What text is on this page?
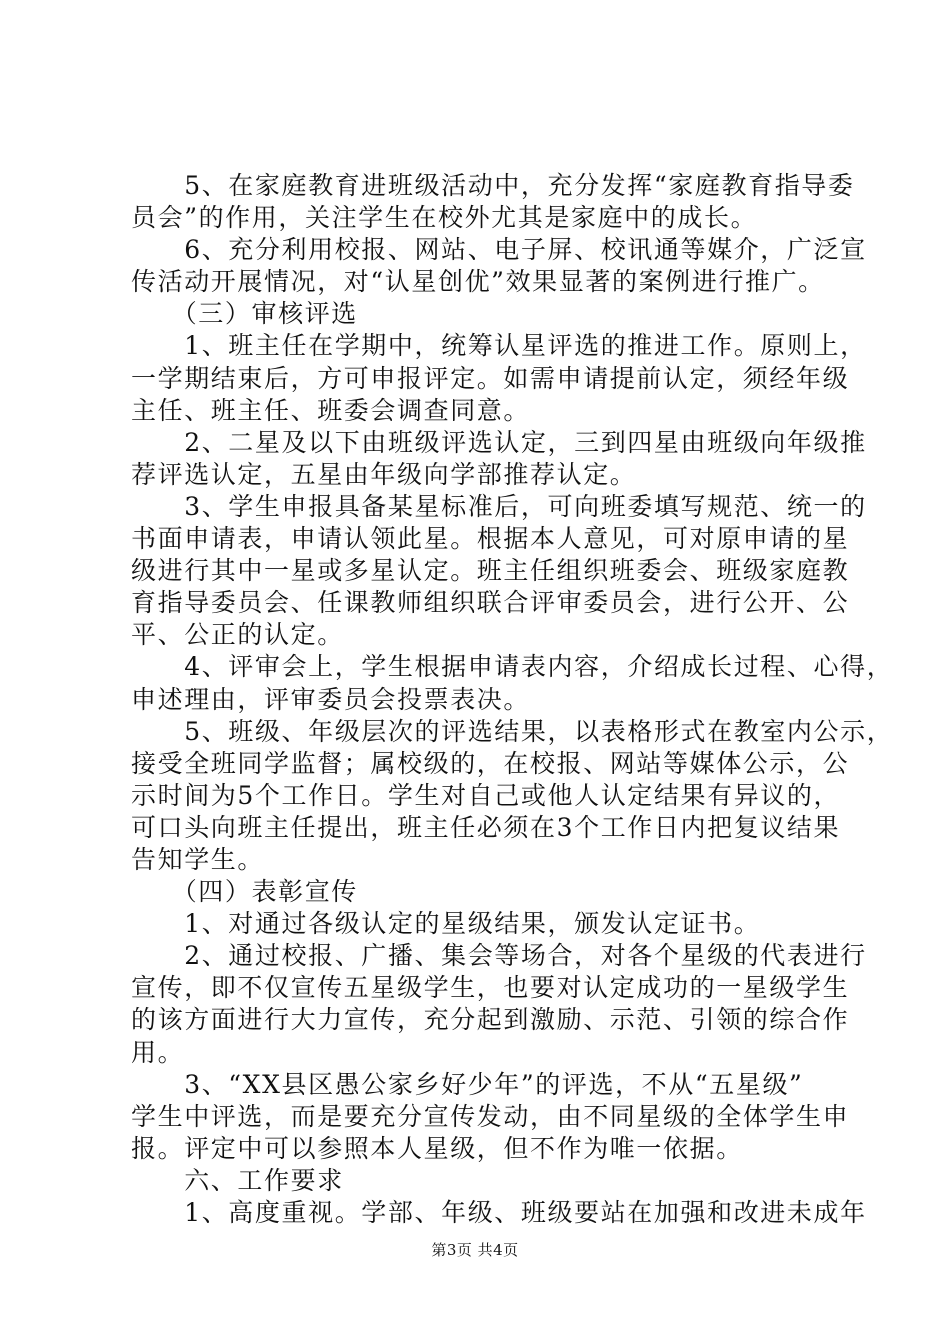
　　5、在家庭教育进班级活动中，充分发挥“家庭教育指导委
员会”的作用，关注学生在校外尤其是家庭中的成长。
　　6、充分利用校报、网站、电子屏、校讯通等媒介，广泛宣
传活动开展情况，对“认星创优”效果显著的案例进行推广。
　　（三）审核评选
　　1、班主任在学期中，统筹认星评选的推进工作。原则上，
一学期结束后，方可申报评定。如需申请提前认定，须经年级
主任、班主任、班委会调查同意。
　　2、二星及以下由班级评选认定，三到四星由班级向年级推
荐评选认定，五星由年级向学部推荐认定。
　　3、学生申报具备某星标准后，可向班委填写规范、统一的
书面申请表，申请认领此星。根据本人意见，可对原申请的星
级进行其中一星或多星认定。班主任组织班委会、班级家庭教
育指导委员会、任课教师组织联合评审委员会，进行公开、公
平、公正的认定。
　　4、评审会上，学生根据申请表内容，介绍成长过程、心得，
申述理由，评审委员会投票表决。
　　5、班级、年级层次的评选结果，以表格形式在教室内公示，
接受全班同学监督；属校级的，在校报、网站等媒体公示，公
示时间为5个工作日。学生对自己或他人认定结果有异议的，
可口头向班主任提出，班主任必须在3个工作日内把复议结果
告知学生。
　　（四）表彰宣传
　　1、对通过各级认定的星级结果，颁发认定证书。
　　2、通过校报、广播、集会等场合，对各个星级的代表进行
宣传，即不仅宣传五星级学生，也要对认定成功的一星级学生
的该方面进行大力宣传，充分起到激励、示范、引领的综合作
用。
　　3、“XX县区愚公家乡好少年”的评选，不从“五星级”
学生中评选，而是要充分宣传发动，由不同星级的全体学生申
报。评定中可以参照本人星级，但不作为唯一依据。
　　六、工作要求
　　1、高度重视。学部、年级、班级要站在加强和改进未成年
第3页 共4页
